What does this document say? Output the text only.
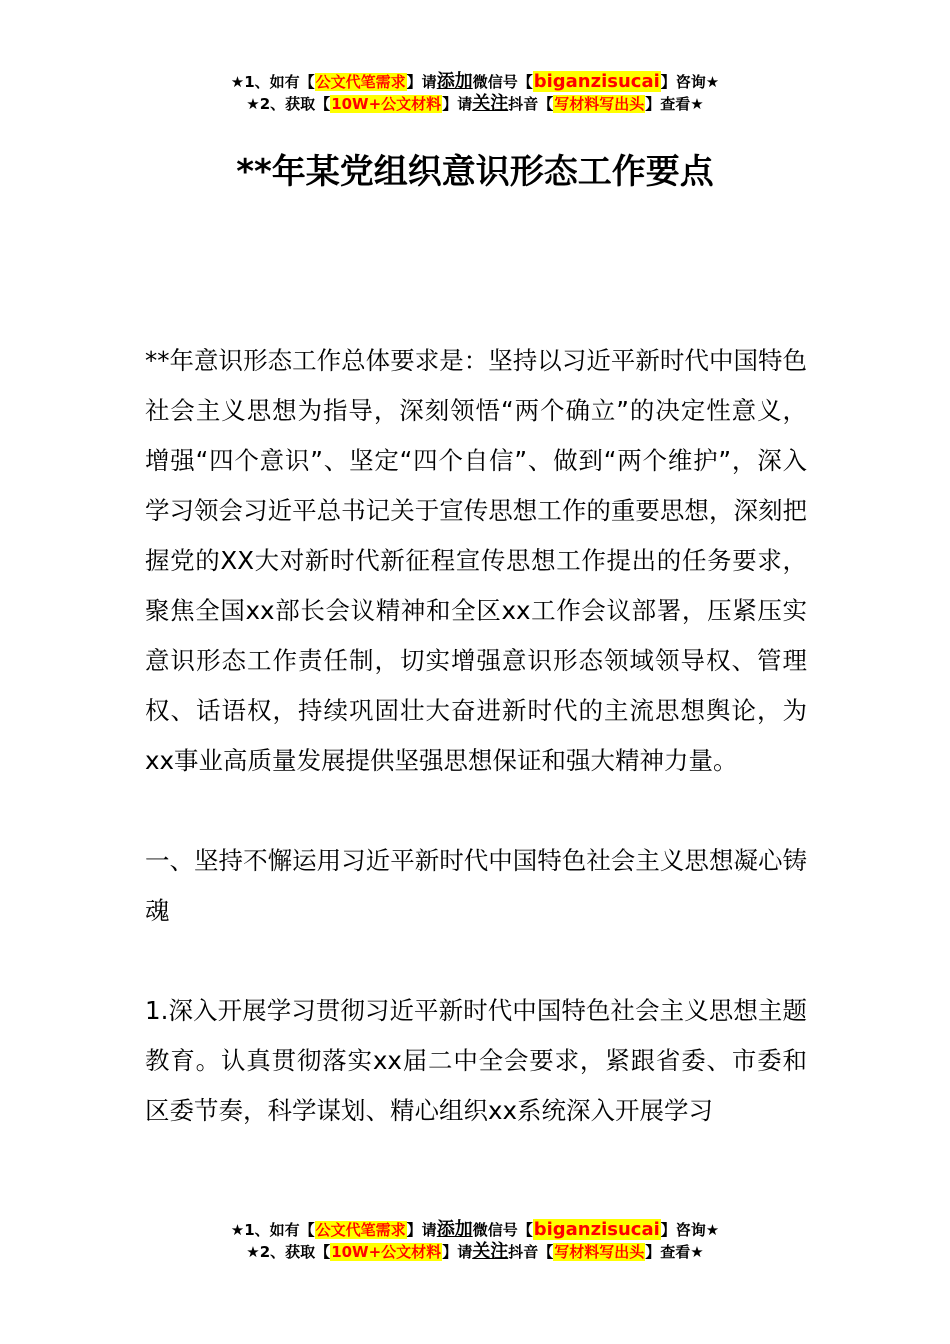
★1、如有【公文代笔需求】请添加微信号【biganzisucai】咨询★
★2、获取【10W+公文材料】请关注抖音【写材料写出头】查看★
**年某党组织意识形态工作要点

**年意识形态工作总体要求是：坚持以习近平新时代中国特色社会主义思想为指导，深刻领悟“两个确立”的决定性意义，增强“四个意识”、坚定“四个自信”、做到“两个维护”，深入学习领会习近平总书记关于宣传思想工作的重要思想，深刻把握党的XX大对新时代新征程宣传思想工作提出的任务要求，聚焦全国xx部长会议精神和全区xx工作会议部署，压紧压实意识形态工作责任制，切实增强意识形态领域领导权、管理权、话语权，持续巩固壮大奋进新时代的主流思想舆论，为xx事业高质量发展提供坚强思想保证和强大精神力量。

一、坚持不懈运用习近平新时代中国特色社会主义思想凝心铸魂

1.深入开展学习贯彻习近平新时代中国特色社会主义思想主题教育。认真贯彻落实xx届二中全会要求，紧跟省委、市委和区委节奏，科学谋划、精心组织xx系统深入开展学习

★1、如有【公文代笔需求】请添加微信号【biganzisucai】咨询★
★2、获取【10W+公文材料】请关注抖音【写材料写出头】查看★
